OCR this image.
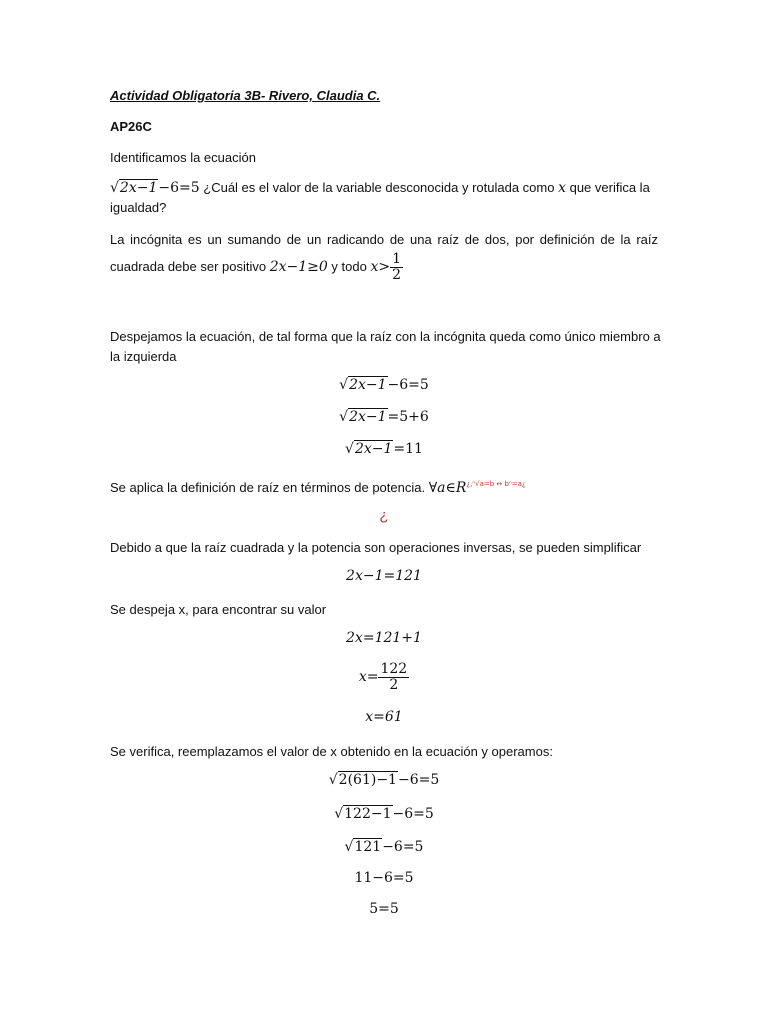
Actividad Obligatoria 3B- Rivero, Claudia C.
AP26C
Identificamos la ecuación
√2x−1−6=5 ¿Cuál es el valor de la variable desconocida y rotulada como x que verifica la
igualdad?
La incógnita es un sumando de un radicando de una raíz de dos, por definición de la raíz
cuadrada debe ser positivo 2x−1≥0 y todo $x> \frac{1}{2}$
Despejamos la ecuación, de tal forma que la raíz con la incógnita queda como único miembro a
la izquierda
√2x−1−6=5
√2x−1=5+6
√2x−1=11
Se aplica la definición de raíz en términos de potencia. $\forall a\in R^{¿,^n√a=b \leftrightarrow b^n=a¿}$
¿
Debido a que la raíz cuadrada y la potencia son operaciones inversas, se pueden simplificar
2x−1=121
Se despeja x, para encontrar su valor
2x=121+1
$x= \frac{122}{2}$
x=61
Se verifica, reemplazamos el valor de x obtenido en la ecuación y operamos:
√2(61)−1−6=5
√122−1−6=5
√121−6=5
11−6=5
5=5
